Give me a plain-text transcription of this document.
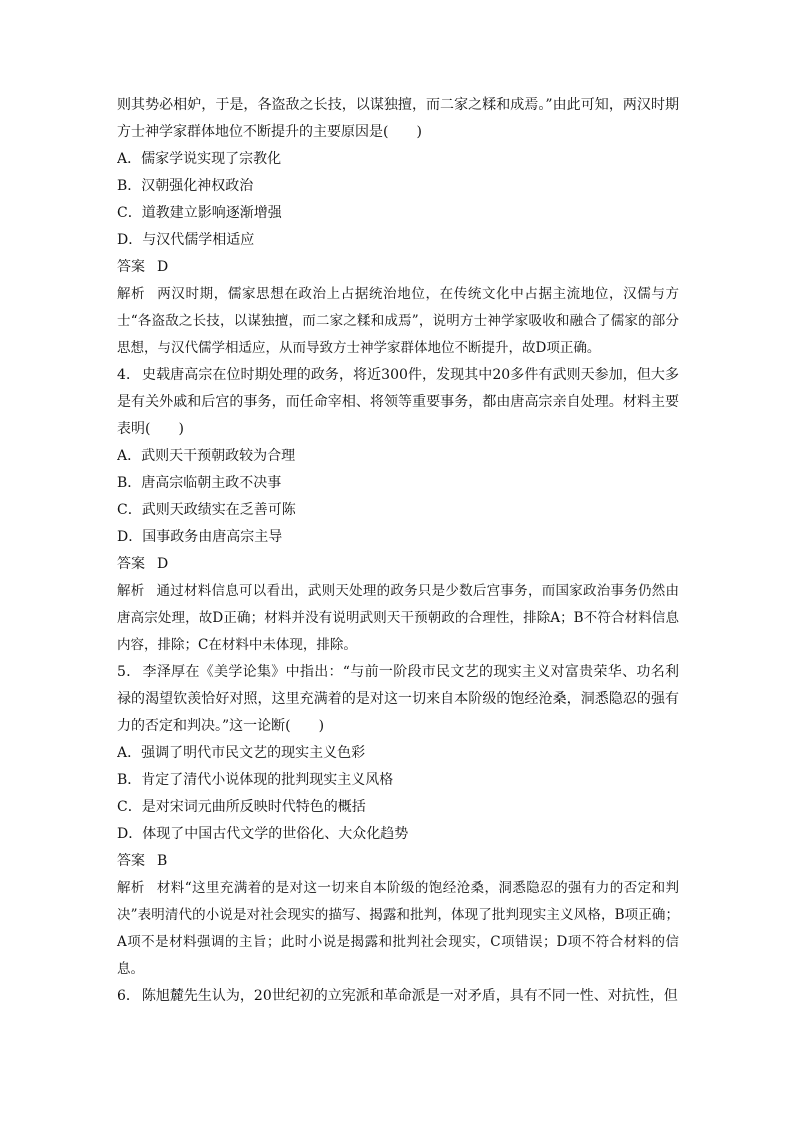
则其势必相妒，于是，各盗敌之长技，以谋独擅，而二家之糅和成焉。”由此可知，两汉时期方士神学家群体地位不断提升的主要原因是(　　)
A．儒家学说实现了宗教化
B．汉朝强化神权政治
C．道教建立影响逐渐增强
D．与汉代儒学相适应
答案 D
解析 两汉时期，儒家思想在政治上占据统治地位，在传统文化中占据主流地位，汉儒与方士“各盗敌之长技，以谋独擅，而二家之糅和成焉”，说明方士神学家吸收和融合了儒家的部分思想，与汉代儒学相适应，从而导致方士神学家群体地位不断提升，故D项正确。
4． 史载唐高宗在位时期处理的政务，将近300件，发现其中20多件有武则天参加，但大多是有关外戚和后宫的事务，而任命宰相、将领等重要事务，都由唐高宗亲自处理。材料主要表明(　　)
A．武则天干预朝政较为合理
B．唐高宗临朝主政不决事
C．武则天政绩实在乏善可陈
D．国事政务由唐高宗主导
答案 D
解析 通过材料信息可以看出，武则天处理的政务只是少数后宫事务，而国家政治事务仍然由唐高宗处理，故D正确；材料并没有说明武则天干预朝政的合理性，排除A；B不符合材料信息内容，排除；C在材料中未体现，排除。
5． 李泽厚在《美学论集》中指出：“与前一阶段市民文艺的现实主义对富贵荣华、功名利禄的渴望钦羡恰好对照，这里充满着的是对这一切来自本阶级的饱经沧桑，洞悉隐忍的强有力的否定和判决。”这一论断(　　)
A．强调了明代市民文艺的现实主义色彩
B．肯定了清代小说体现的批判现实主义风格
C．是对宋词元曲所反映时代特色的概括
D．体现了中国古代文学的世俗化、大众化趋势
答案 B
解析 材料“这里充满着的是对这一切来自本阶级的饱经沧桑，洞悉隐忍的强有力的否定和判决”表明清代的小说是对社会现实的描写、揭露和批判，体现了批判现实主义风格，B项正确；A项不是材料强调的主旨；此时小说是揭露和批判社会现实，C项错误；D项不符合材料的信息。
6． 陈旭麓先生认为，20世纪初的立宪派和革命派是一对矛盾，具有不同一性、对抗性，但
